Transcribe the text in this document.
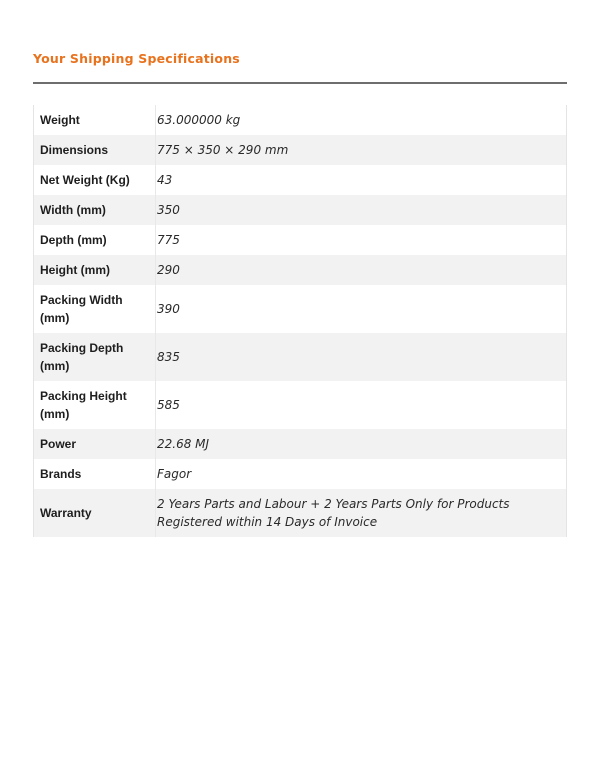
Your Shipping Specifications
Weight	63.000000 kg
Dimensions	775 × 350 × 290 mm
Net Weight (Kg)	43
Width (mm)	350
Depth (mm)	775
Height (mm)	290
Packing Width (mm)	390
Packing Depth (mm)	835
Packing Height (mm)	585
Power	22.68 MJ
Brands	Fagor
Warranty	2 Years Parts and Labour + 2 Years Parts Only for Products Registered within 14 Days of Invoice
